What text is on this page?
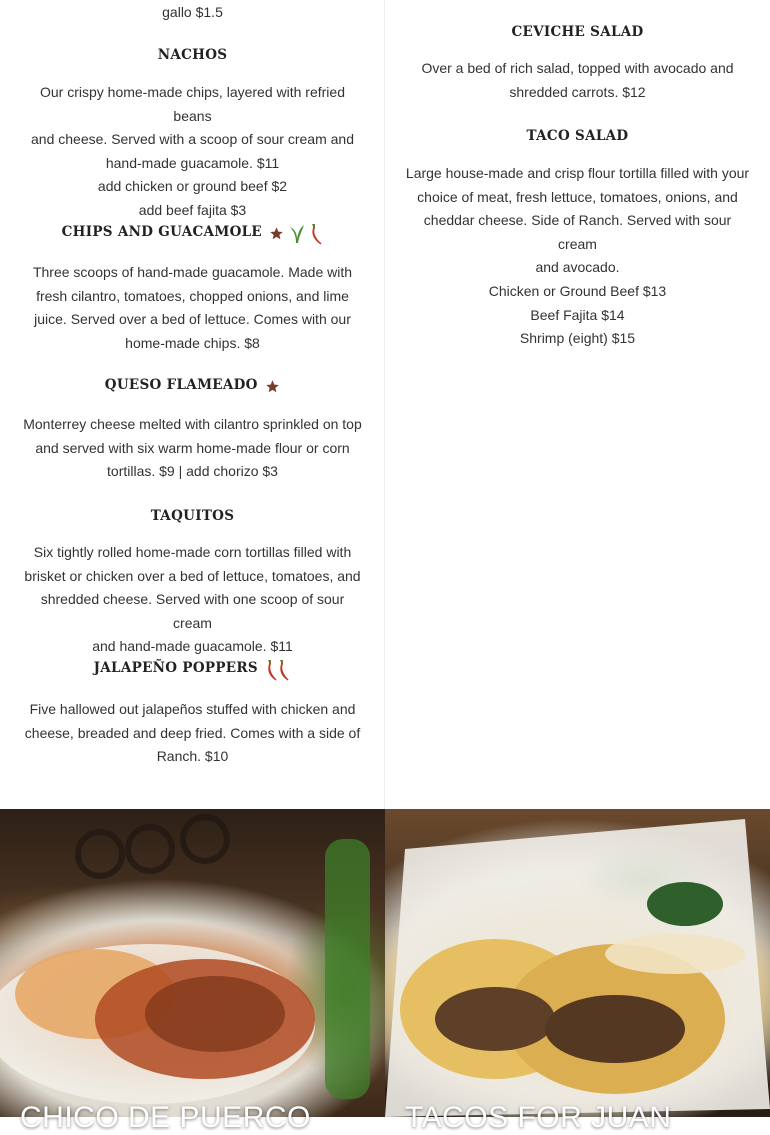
gallo $1.5
NACHOS
Our crispy home-made chips, layered with refried beans
and cheese. Served with a scoop of sour cream and
hand-made guacamole. $11
add chicken or ground beef $2
add beef fajita $3
CHIPS AND GUACAMOLE
Three scoops of hand-made guacamole. Made with
fresh cilantro, tomatoes, chopped onions, and lime
juice. Served over a bed of lettuce. Comes with our
home-made chips. $8
QUESO FLAMEADO
Monterrey cheese melted with cilantro sprinkled on top
and served with six warm home-made flour or corn
tortillas. $9 | add chorizo $3
TAQUITOS
Six tightly rolled home-made corn tortillas filled with
brisket or chicken over a bed of lettuce, tomatoes, and
shredded cheese. Served with one scoop of sour cream
and hand-made guacamole. $11
JALAPEÑO POPPERS
Five hallowed out jalapeños stuffed with chicken and
cheese, breaded and deep fried. Comes with a side of
Ranch. $10
CEVICHE SALAD
Over a bed of rich salad, topped with avocado and
shredded carrots. $12
TACO SALAD
Large house-made and crisp flour tortilla filled with your
choice of meat, fresh lettuce, tomatoes, onions, and
cheddar cheese. Side of Ranch. Served with sour cream
and avocado.
Chicken or Ground Beef $13
Beef Fajita $14
Shrimp (eight) $15
CHICO DE PUERCO	TACOS FOR JUAN
